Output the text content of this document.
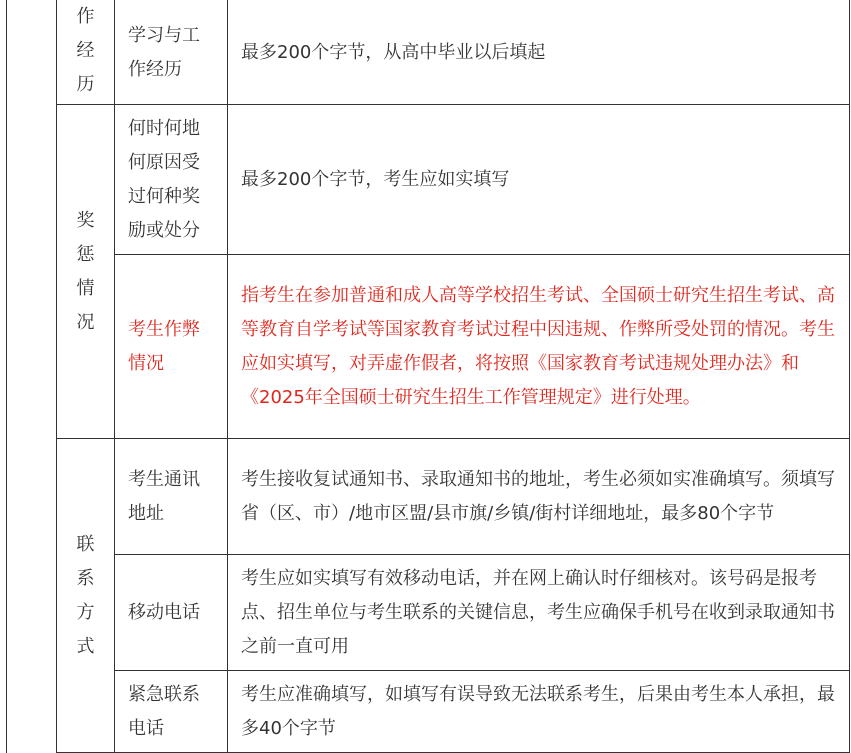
作经历	学习与工作经历	最多200个字节，从高中毕业以后填起
奖惩情况	何时何地何原因受过何种奖励或处分	最多200个字节，考生应如实填写
	考生作弊情况	指考生在参加普通和成人高等学校招生考试、全国硕士研究生招生考试、高等教育自学考试等国家教育考试过程中因违规、作弊所受处罚的情况。考生应如实填写，对弄虚作假者，将按照《国家教育考试违规处理办法》和《2025年全国硕士研究生招生工作管理规定》进行处理。
联系方式	考生通讯地址	考生接收复试通知书、录取通知书的地址，考生必须如实准确填写。须填写省（区、市）/地市区盟/县市旗/乡镇/街村详细地址，最多80个字节
	移动电话	考生应如实填写有效移动电话，并在网上确认时仔细核对。该号码是报考点、招生单位与考生联系的关键信息，考生应确保手机号在收到录取通知书之前一直可用
	紧急联系电话	考生应准确填写，如填写有误导致无法联系考生，后果由考生本人承担，最多40个字节
